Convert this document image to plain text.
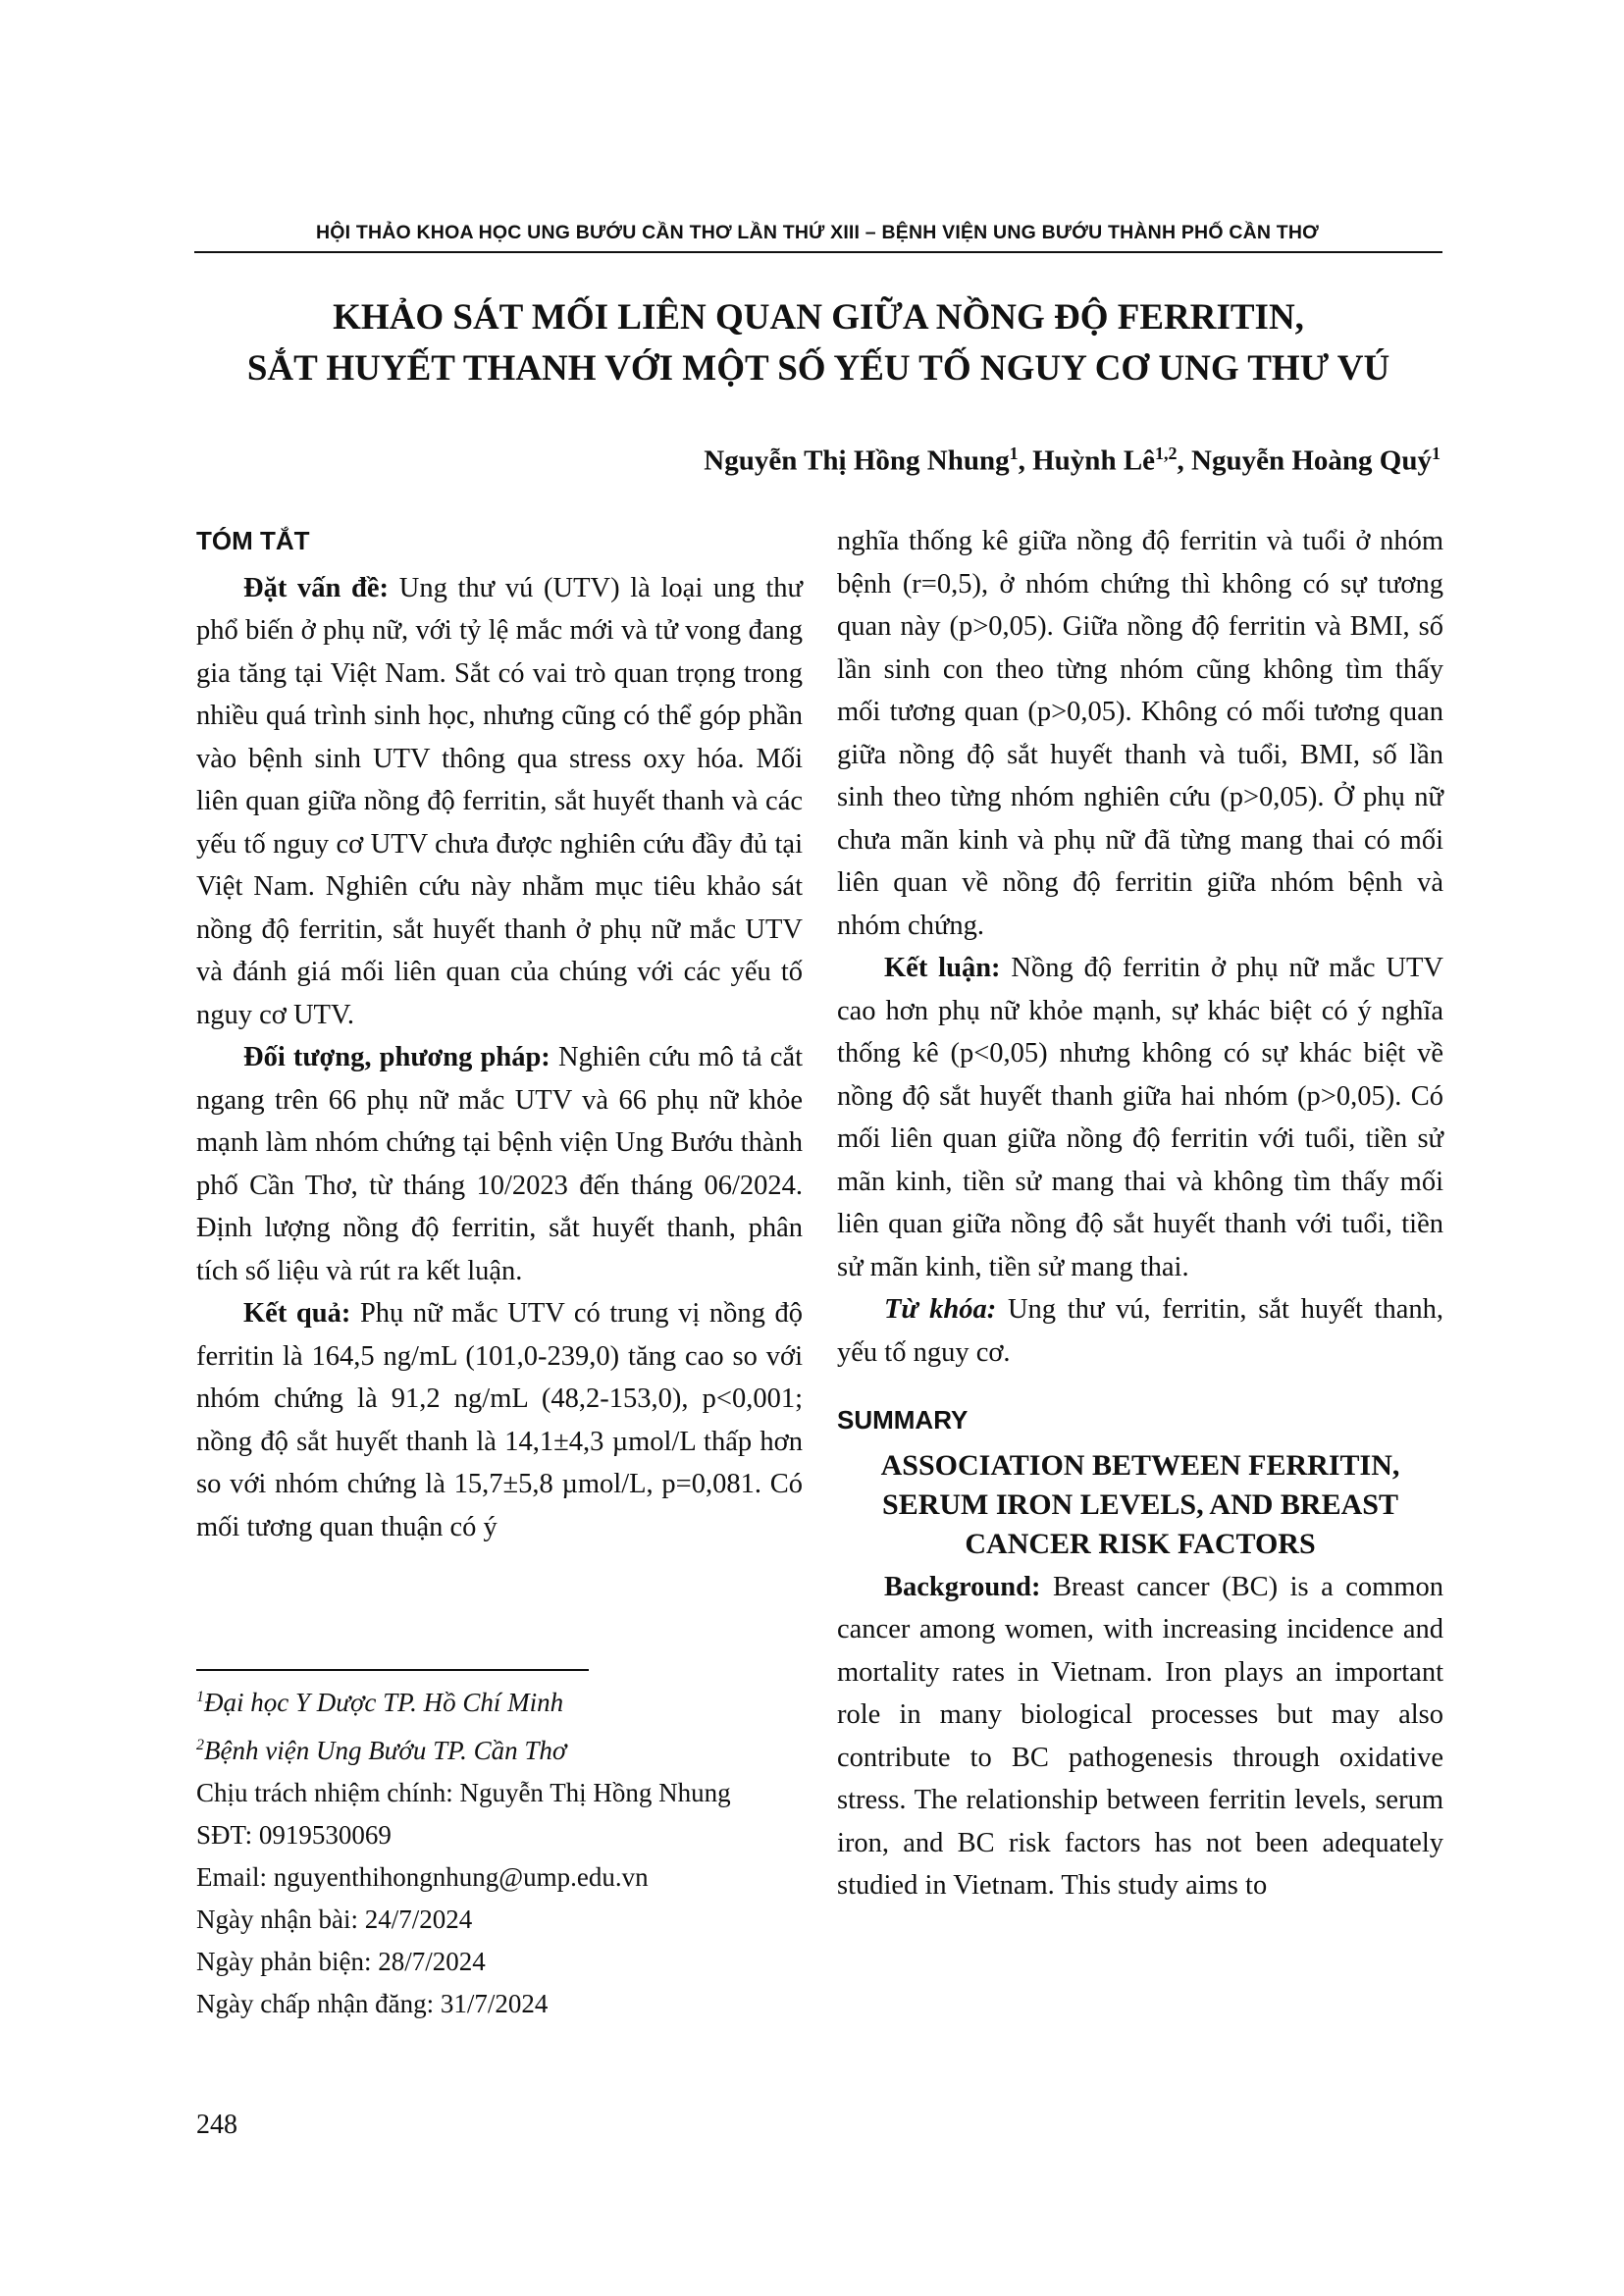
HỘI THẢO KHOA HỌC UNG BƯỚU CẦN THƠ LẦN THỨ XIII – BỆNH VIỆN UNG BƯỚU THÀNH PHỐ CẦN THƠ
KHẢO SÁT MỐI LIÊN QUAN GIỮA NỒNG ĐỘ FERRITIN,
SẮT HUYẾT THANH VỚI MỘT SỐ YẾU TỐ NGUY CƠ UNG THƯ VÚ
Nguyễn Thị Hồng Nhung$^1$, Huỳnh Lê$^{1,2}$, Nguyễn Hoàng Quý$^1$
TÓM TẮT

Đặt vấn đề: Ung thư vú (UTV) là loại ung thư phổ biến ở phụ nữ, với tỷ lệ mắc mới và tử vong đang gia tăng tại Việt Nam. Sắt có vai trò quan trọng trong nhiều quá trình sinh học, nhưng cũng có thể góp phần vào bệnh sinh UTV thông qua stress oxy hóa. Mối liên quan giữa nồng độ ferritin, sắt huyết thanh và các yếu tố nguy cơ UTV chưa được nghiên cứu đầy đủ tại Việt Nam. Nghiên cứu này nhằm mục tiêu khảo sát nồng độ ferritin, sắt huyết thanh ở phụ nữ mắc UTV và đánh giá mối liên quan của chúng với các yếu tố nguy cơ UTV.

Đối tượng, phương pháp: Nghiên cứu mô tả cắt ngang trên 66 phụ nữ mắc UTV và 66 phụ nữ khỏe mạnh làm nhóm chứng tại bệnh viện Ung Bướu thành phố Cần Thơ, từ tháng 10/2023 đến tháng 06/2024. Định lượng nồng độ ferritin, sắt huyết thanh, phân tích số liệu và rút ra kết luận.

Kết quả: Phụ nữ mắc UTV có trung vị nồng độ ferritin là 164,5 ng/mL (101,0-239,0) tăng cao so với nhóm chứng là 91,2 ng/mL (48,2-153,0), p<0,001; nồng độ sắt huyết thanh là 14,1±4,3 µmol/L thấp hơn so với nhóm chứng là 15,7±5,8 µmol/L, p=0,081. Có mối tương quan thuận có ý

$^1$Đại học Y Dược TP. Hồ Chí Minh
$^2$Bệnh viện Ung Bướu TP. Cần Thơ
Chịu trách nhiệm chính: Nguyễn Thị Hồng Nhung
SĐT: 0919530069
Email: nguyenthihongnhung@ump.edu.vn
Ngày nhận bài: 24/7/2024
Ngày phản biện: 28/7/2024
Ngày chấp nhận đăng: 31/7/2024

nghĩa thống kê giữa nồng độ ferritin và tuổi ở nhóm bệnh (r=0,5), ở nhóm chứng thì không có sự tương quan này (p>0,05). Giữa nồng độ ferritin và BMI, số lần sinh con theo từng nhóm cũng không tìm thấy mối tương quan (p>0,05). Không có mối tương quan giữa nồng độ sắt huyết thanh và tuổi, BMI, số lần sinh theo từng nhóm nghiên cứu (p>0,05). Ở phụ nữ chưa mãn kinh và phụ nữ đã từng mang thai có mối liên quan về nồng độ ferritin giữa nhóm bệnh và nhóm chứng.

Kết luận: Nồng độ ferritin ở phụ nữ mắc UTV cao hơn phụ nữ khỏe mạnh, sự khác biệt có ý nghĩa thống kê (p<0,05) nhưng không có sự khác biệt về nồng độ sắt huyết thanh giữa hai nhóm (p>0,05). Có mối liên quan giữa nồng độ ferritin với tuổi, tiền sử mãn kinh, tiền sử mang thai và không tìm thấy mối liên quan giữa nồng độ sắt huyết thanh với tuổi, tiền sử mãn kinh, tiền sử mang thai.

Từ khóa: Ung thư vú, ferritin, sắt huyết thanh, yếu tố nguy cơ.

SUMMARY
ASSOCIATION BETWEEN FERRITIN,
SERUM IRON LEVELS, AND BREAST
CANCER RISK FACTORS

Background: Breast cancer (BC) is a common cancer among women, with increasing incidence and mortality rates in Vietnam. Iron plays an important role in many biological processes but may also contribute to BC pathogenesis through oxidative stress. The relationship between ferritin levels, serum iron, and BC risk factors has not been adequately studied in Vietnam. This study aims to

248
